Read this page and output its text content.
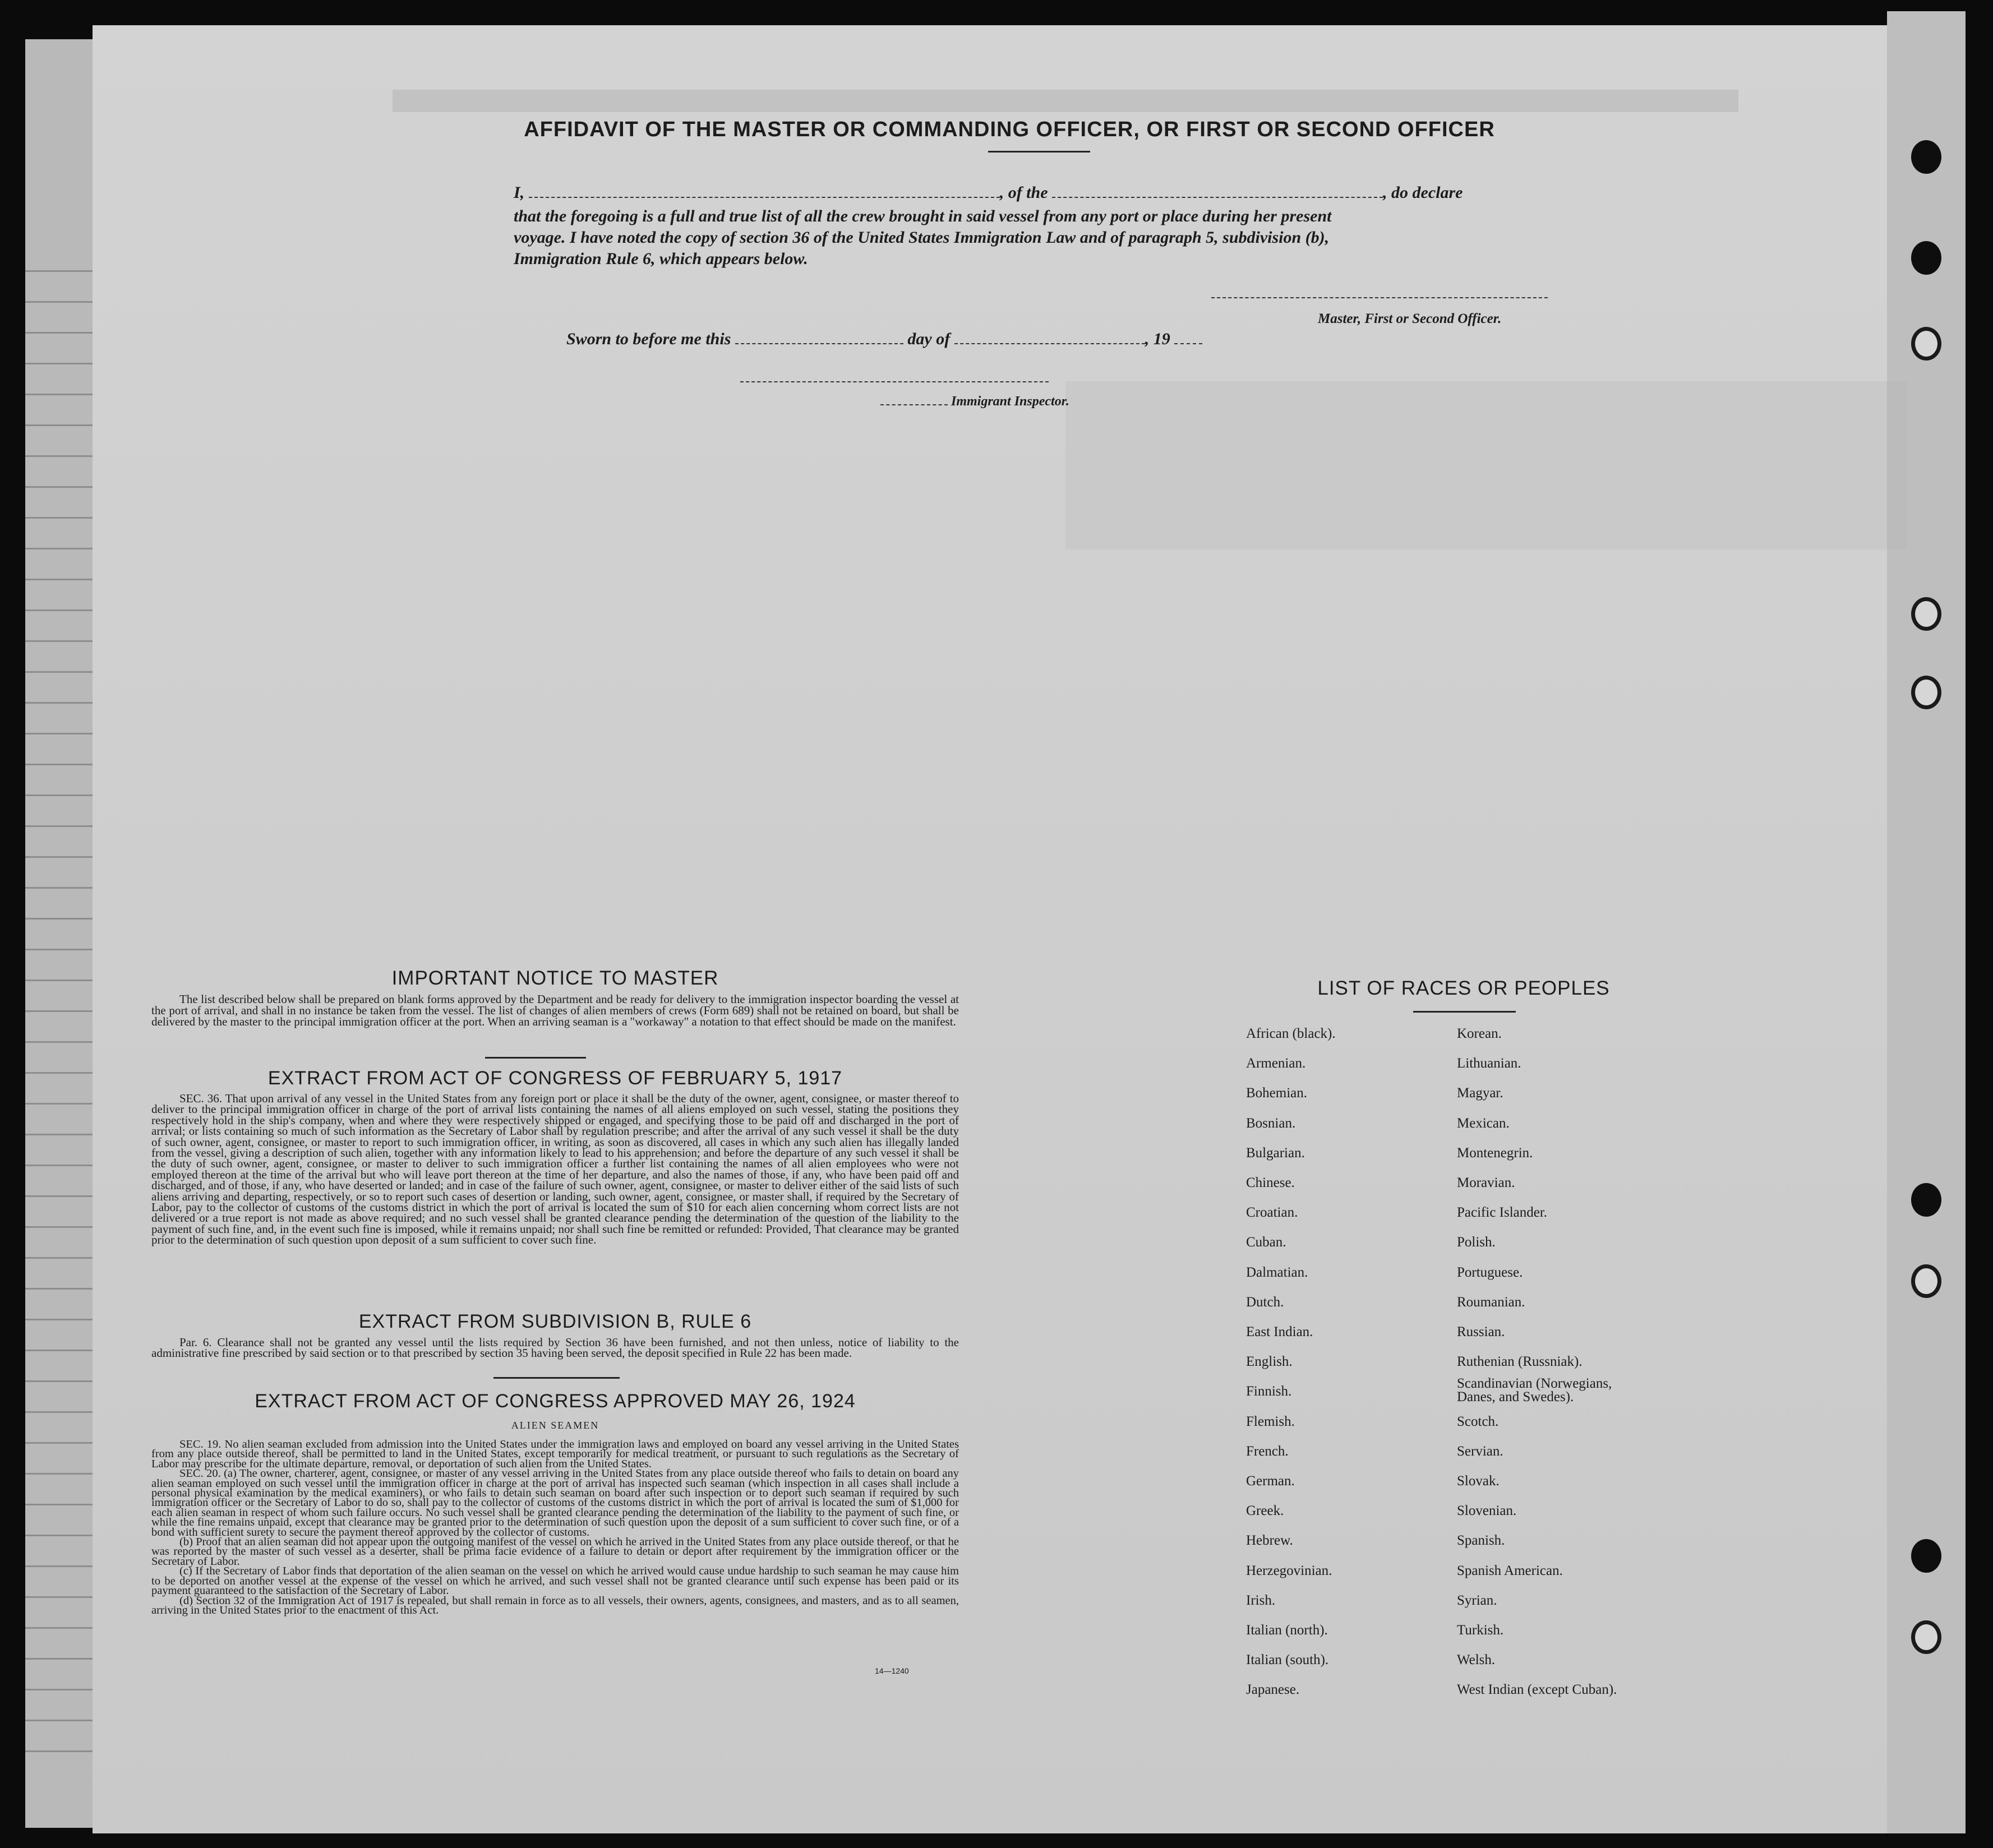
AFFIDAVIT OF THE MASTER OR COMMANDING OFFICER, OR FIRST OR SECOND OFFICER
I,	, of the	, do declare
that the foregoing is a full and true list of all the crew brought in said vessel from any port or place during her present
voyage. I have noted the copy of section 36 of the United States Immigration Law and of paragraph 5, subdivision (b),
Immigration Rule 6, which appears below.
Master, First or Second Officer.
Sworn to before me this	day of	, 19
Immigrant Inspector.
IMPORTANT NOTICE TO MASTER
The list described below shall be prepared on blank forms approved by the Department and be ready for delivery to the immigration inspector boarding the vessel at the port of arrival, and shall in no instance be taken from the vessel. The list of changes of alien members of crews (Form 689) shall not be retained on board, but shall be delivered by the master to the principal immigration officer at the port. When an arriving seaman is a "workaway" a notation to that effect should be made on the manifest.
EXTRACT FROM ACT OF CONGRESS OF FEBRUARY 5, 1917
SEC. 36. That upon arrival of any vessel in the United States from any foreign port or place it shall be the duty of the owner, agent, consignee, or master thereof to deliver to the principal immigration officer in charge of the port of arrival lists containing the names of all aliens employed on such vessel, stating the positions they respectively hold in the ship's company, when and where they were respectively shipped or engaged, and specifying those to be paid off and discharged in the port of arrival; or lists containing so much of such information as the Secretary of Labor shall by regulation prescribe; and after the arrival of any such vessel it shall be the duty of such owner, agent, consignee, or master to report to such immigration officer, in writing, as soon as discovered, all cases in which any such alien has illegally landed from the vessel, giving a description of such alien, together with any information likely to lead to his apprehension; and before the departure of any such vessel it shall be the duty of such owner, agent, consignee, or master to deliver to such immigration officer a further list containing the names of all alien employees who were not employed thereon at the time of the arrival but who will leave port thereon at the time of her departure, and also the names of those, if any, who have been paid off and discharged, and of those, if any, who have deserted or landed; and in case of the failure of such owner, agent, consignee, or master to deliver either of the said lists of such aliens arriving and departing, respectively, or so to report such cases of desertion or landing, such owner, agent, consignee, or master shall, if required by the Secretary of Labor, pay to the collector of customs of the customs district in which the port of arrival is located the sum of $10 for each alien concerning whom correct lists are not delivered or a true report is not made as above required; and no such vessel shall be granted clearance pending the determination of the question of the liability to the payment of such fine, and, in the event such fine is imposed, while it remains unpaid; nor shall such fine be remitted or refunded: Provided, That clearance may be granted prior to the determination of such question upon deposit of a sum sufficient to cover such fine.
EXTRACT FROM SUBDIVISION B, RULE 6
Par. 6. Clearance shall not be granted any vessel until the lists required by Section 36 have been furnished, and not then unless, notice of liability to the administrative fine prescribed by said section or to that prescribed by section 35 having been served, the deposit specified in Rule 22 has been made.
EXTRACT FROM ACT OF CONGRESS APPROVED MAY 26, 1924
ALIEN SEAMEN

SEC. 19. No alien seaman excluded from admission into the United States under the immigration laws and employed on board any vessel arriving in the United States from any place outside thereof, shall be permitted to land in the United States, except temporarily for medical treatment, or pursuant to such regulations as the Secretary of Labor may prescribe for the ultimate departure, removal, or deportation of such alien from the United States.

SEC. 20. (a) The owner, charterer, agent, consignee, or master of any vessel arriving in the United States from any place outside thereof who fails to detain on board any alien seaman employed on such vessel until the immigration officer in charge at the port of arrival has inspected such seaman (which inspection in all cases shall include a personal physical examination by the medical examiners), or who fails to detain such seaman on board after such inspection or to deport such seaman if required by such immigration officer or the Secretary of Labor to do so, shall pay to the collector of customs of the customs district in which the port of arrival is located the sum of $1,000 for each alien seaman in respect of whom such failure occurs. No such vessel shall be granted clearance pending the determination of the liability to the payment of such fine, or while the fine remains unpaid, except that clearance may be granted prior to the determination of such question upon the deposit of a sum sufficient to cover such fine, or of a bond with sufficient surety to secure the payment thereof approved by the collector of customs.

(b) Proof that an alien seaman did not appear upon the outgoing manifest of the vessel on which he arrived in the United States from any place outside thereof, or that he was reported by the master of such vessel as a deserter, shall be prima facie evidence of a failure to detain or deport after requirement by the immigration officer or the Secretary of Labor.

(c) If the Secretary of Labor finds that deportation of the alien seaman on the vessel on which he arrived would cause undue hardship to such seaman he may cause him to be deported on another vessel at the expense of the vessel on which he arrived, and such vessel shall not be granted clearance until such expense has been paid or its payment guaranteed to the satisfaction of the Secretary of Labor.

(d) Section 32 of the Immigration Act of 1917 is repealed, but shall remain in force as to all vessels, their owners, agents, consignees, and masters, and as to all seamen, arriving in the United States prior to the enactment of this Act.

14—1240
LIST OF RACES OR PEOPLES
African (black).
Armenian.
Bohemian.
Bosnian.
Bulgarian.
Chinese.
Croatian.
Cuban.
Dalmatian.
Dutch.
East Indian.
English.
Finnish.
Flemish.
French.
German.
Greek.
Hebrew.
Herzegovinian.
Irish.
Italian (north).
Italian (south).
Japanese.
Korean.
Lithuanian.
Magyar.
Mexican.
Montenegrin.
Moravian.
Pacific Islander.
Polish.
Portuguese.
Roumanian.
Russian.
Ruthenian (Russniak).
Scandinavian (Norwegians, Danes, and Swedes).
Scotch.
Servian.
Slovak.
Slovenian.
Spanish.
Spanish American.
Syrian.
Turkish.
Welsh.
West Indian (except Cuban).
